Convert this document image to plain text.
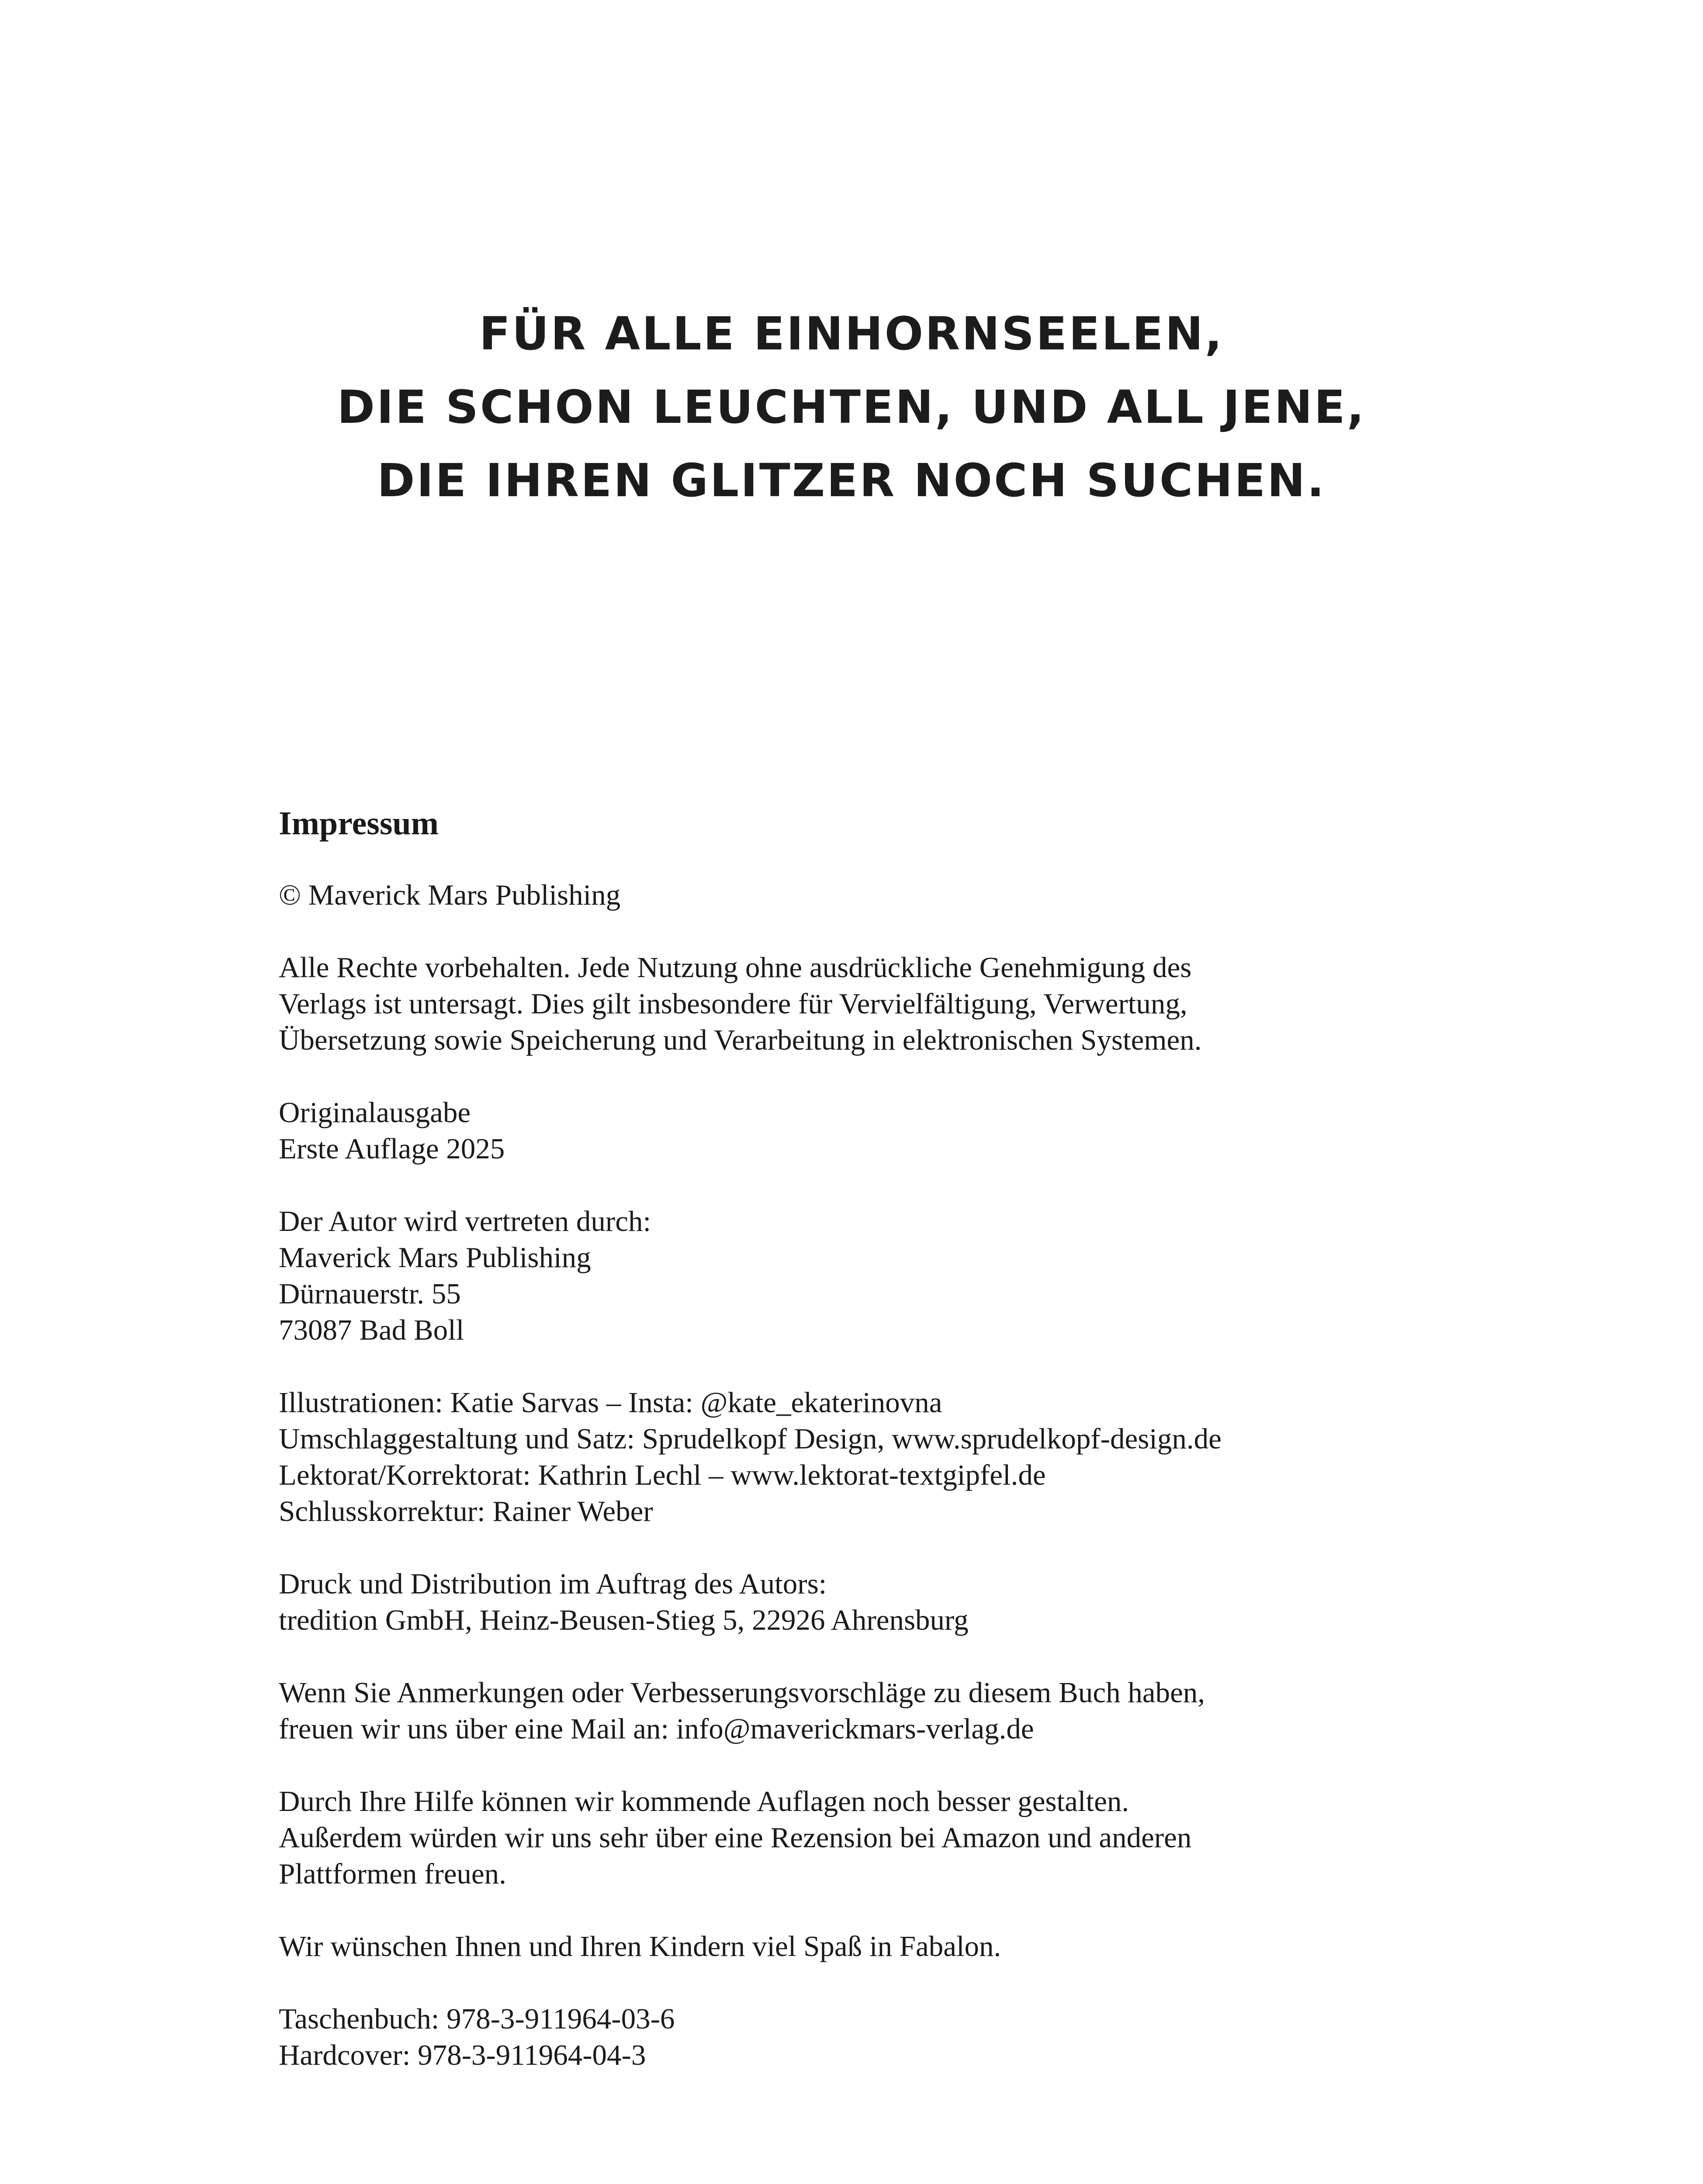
FÜR ALLE EINHORNSEELEN,
DIE SCHON LEUCHTEN, UND ALL JENE,
DIE IHREN GLITZER NOCH SUCHEN.
Impressum

© Maverick Mars Publishing

Alle Rechte vorbehalten. Jede Nutzung ohne ausdrückliche Genehmigung des
Verlags ist untersagt. Dies gilt insbesondere für Vervielfältigung, Verwertung,
Übersetzung sowie Speicherung und Verarbeitung in elektronischen Systemen.

Originalausgabe
Erste Auflage 2025

Der Autor wird vertreten durch:
Maverick Mars Publishing
Dürnauerstr. 55
73087 Bad Boll

Illustrationen: Katie Sarvas – Insta: @kate_ekaterinovna
Umschlaggestaltung und Satz: Sprudelkopf Design, www.sprudelkopf-design.de
Lektorat/Korrektorat: Kathrin Lechl – www.lektorat-textgipfel.de
Schlusskorrektur: Rainer Weber

Druck und Distribution im Auftrag des Autors:
tredition GmbH, Heinz-Beusen-Stieg 5, 22926 Ahrensburg

Wenn Sie Anmerkungen oder Verbesserungsvorschläge zu diesem Buch haben,
freuen wir uns über eine Mail an: info@maverickmars-verlag.de

Durch Ihre Hilfe können wir kommende Auflagen noch besser gestalten.
Außerdem würden wir uns sehr über eine Rezension bei Amazon und anderen
Plattformen freuen.

Wir wünschen Ihnen und Ihren Kindern viel Spaß in Fabalon.

Taschenbuch: 978-3-911964-03-6
Hardcover: 978-3-911964-04-3
